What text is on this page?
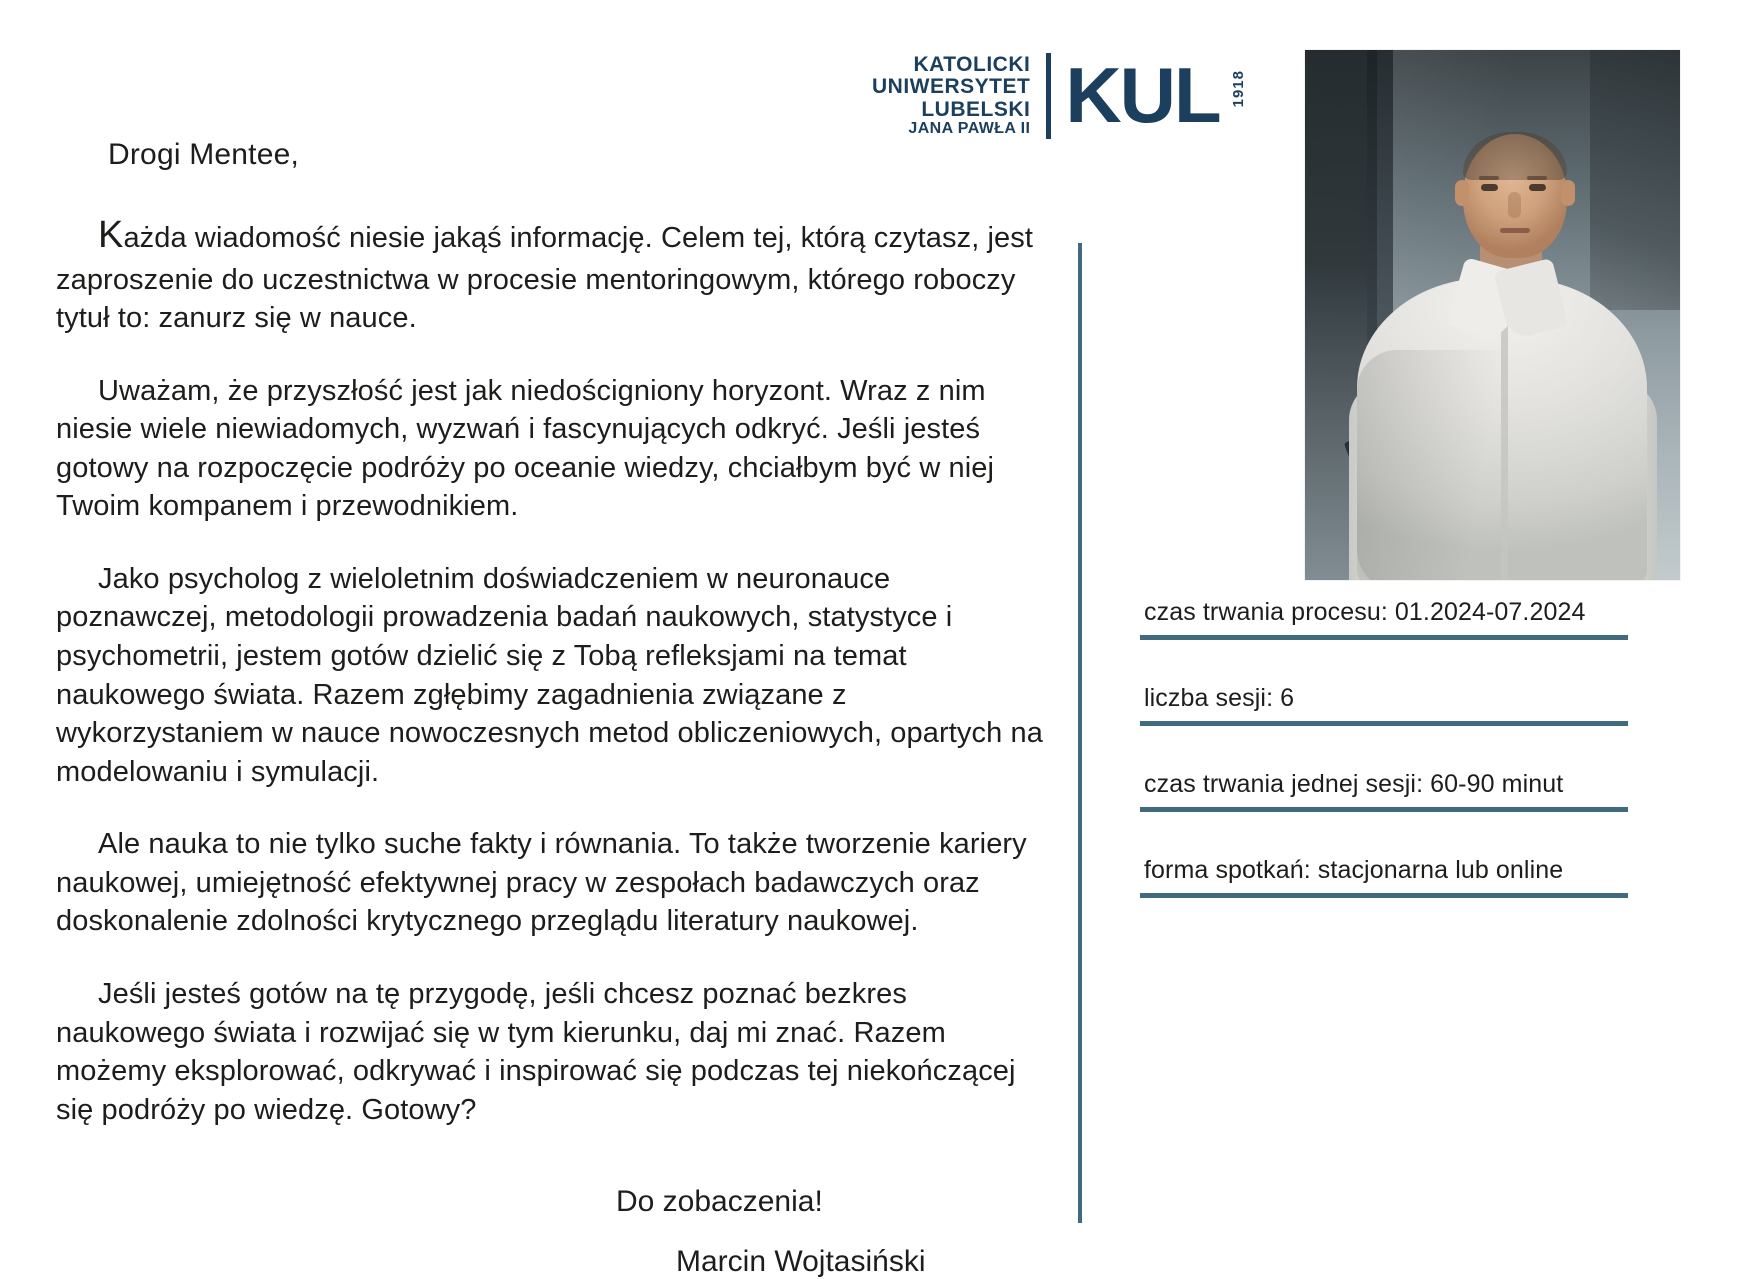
KATOLICKI
UNIWERSYTET
LUBELSKI
JANA PAWŁA II KUL 1918

Drogi Mentee,

Każda wiadomość niesie jakąś informację. Celem tej, którą czytasz, jest zaproszenie do uczestnictwa w procesie mentoringowym, którego roboczy tytuł to: zanurz się w nauce.

Uważam, że przyszłość jest jak niedościgniony horyzont. Wraz z nim niesie wiele niewiadomych, wyzwań i fascynujących odkryć. Jeśli jesteś gotowy na rozpoczęcie podróży po oceanie wiedzy, chciałbym być w niej Twoim kompanem i przewodnikiem.

Jako psycholog z wieloletnim doświadczeniem w neuronauce poznawczej, metodologii prowadzenia badań naukowych, statystyce i psychometrii, jestem gotów dzielić się z Tobą refleksjami na temat naukowego świata. Razem zgłębimy zagadnienia związane z wykorzystaniem w nauce nowoczesnych metod obliczeniowych, opartych na modelowaniu i symulacji.

Ale nauka to nie tylko suche fakty i równania. To także tworzenie kariery naukowej, umiejętność efektywnej pracy w zespołach badawczych oraz doskonalenie zdolności krytycznego przeglądu literatury naukowej.

Jeśli jesteś gotów na tę przygodę, jeśli chcesz poznać bezkres naukowego świata i rozwijać się w tym kierunku, daj mi znać. Razem możemy eksplorować, odkrywać i inspirować się podczas tej niekończącej się podróży po wiedzę. Gotowy?

Do zobaczenia!

Marcin Wojtasiński

czas trwania procesu: 01.2024-07.2024
liczba sesji: 6
czas trwania jednej sesji: 60-90 minut
forma spotkań: stacjonarna lub online
